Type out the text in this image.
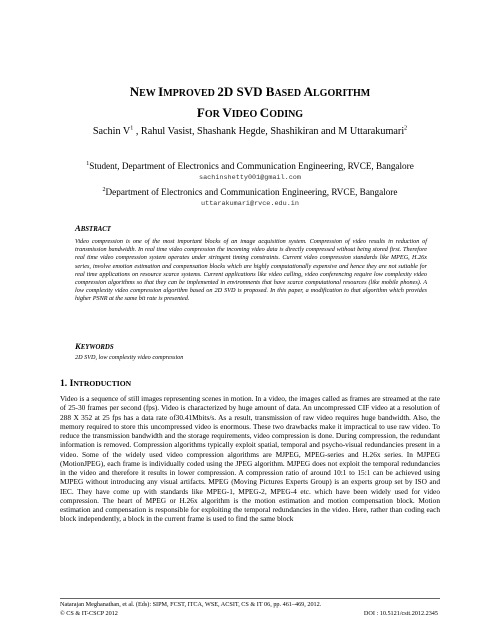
NEW IMPROVED 2D SVD BASED ALGORITHM
FOR VIDEO CODING
Sachin $V^1$ , Rahul Vasist, Shashank Hegde, Shashikiran and M Uttarakumari$^2$
$^1$Student, Department of Electronics and Communication Engineering, RVCE, Bangalore
sachinshetty001@gmail.com
$^2$Department of Electronics and Communication Engineering, RVCE, Bangalore
uttarakumari@rvce.edu.in
ABSTRACT

Video compression is one of the most important blocks of an image acquisition system. Compression of video results in reduction of transmission bandwidth. In real time video compression the incoming video data is directly compressed without being stored first. Therefore real time video compression system operates under stringent timing constraints. Current video compression standards like MPEG, H.26x series, involve emotion estimation and compensation blocks which are highly computationally expensive and hence they are not suitable for real time applications on resource scarce systems. Current applications like video calling, video conferencing require low complexity video compression algorithms so that they can be implemented in environments that have scarce computational resources (like mobile phones). A low complexity video compression algorithm based on 2D SVD is proposed. In this paper, a modification to that algorithm which provides higher PSNR at the same bit rate is presented.

KEYWORDS
2D SVD, low complexity video compression
1. INTRODUCTION

Video is a sequence of still images representing scenes in motion. In a video, the images called as frames are streamed at the rate of 25-30 frames per second (fps). Video is characterized by huge amount of data. An uncompressed CIF video at a resolution of 288 X 352 at 25 fps has a data rate of30.41Mbits/s. As a result, transmission of raw video requires huge bandwidth. Also, the memory required to store this uncompressed video is enormous. These two drawbacks make it impractical to use raw video. To reduce the transmission bandwidth and the storage requirements, video compression is done. During compression, the redundant information is removed. Compression algorithms typically exploit spatial, temporal and psycho-visual redundancies present in a video. Some of the widely used video compression algorithms are MJPEG, MPEG-series and H.26x series. In MJPEG (MotionJPEG), each frame is individually coded using the JPEG algorithm. MJPEG does not exploit the temporal redundancies in the video and therefore it results in lower compression. A compression ratio of around 10:1 to 15:1 can be achieved using MJPEG without introducing any visual artifacts. MPEG (Moving Pictures Experts Group) is an experts group set by ISO and IEC. They have come up with standards like MPEG-1, MPEG-2, MPEG-4 etc. which have been widely used for video compression. The heart of MPEG or H.26x algorithm is the motion estimation and motion compensation block. Motion estimation and compensation is responsible for exploiting the temporal redundancies in the video. Here, rather than coding each block independently, a block in the current frame is used to find the same block

Natarajan Meghanathan, et al. (Eds): SIPM, FCST, ITCA, WSE, ACSIT, CS & IT 06, pp. 461–469, 2012.
© CS & IT-CSCP 2012	DOI : 10.5121/csit.2012.2345
